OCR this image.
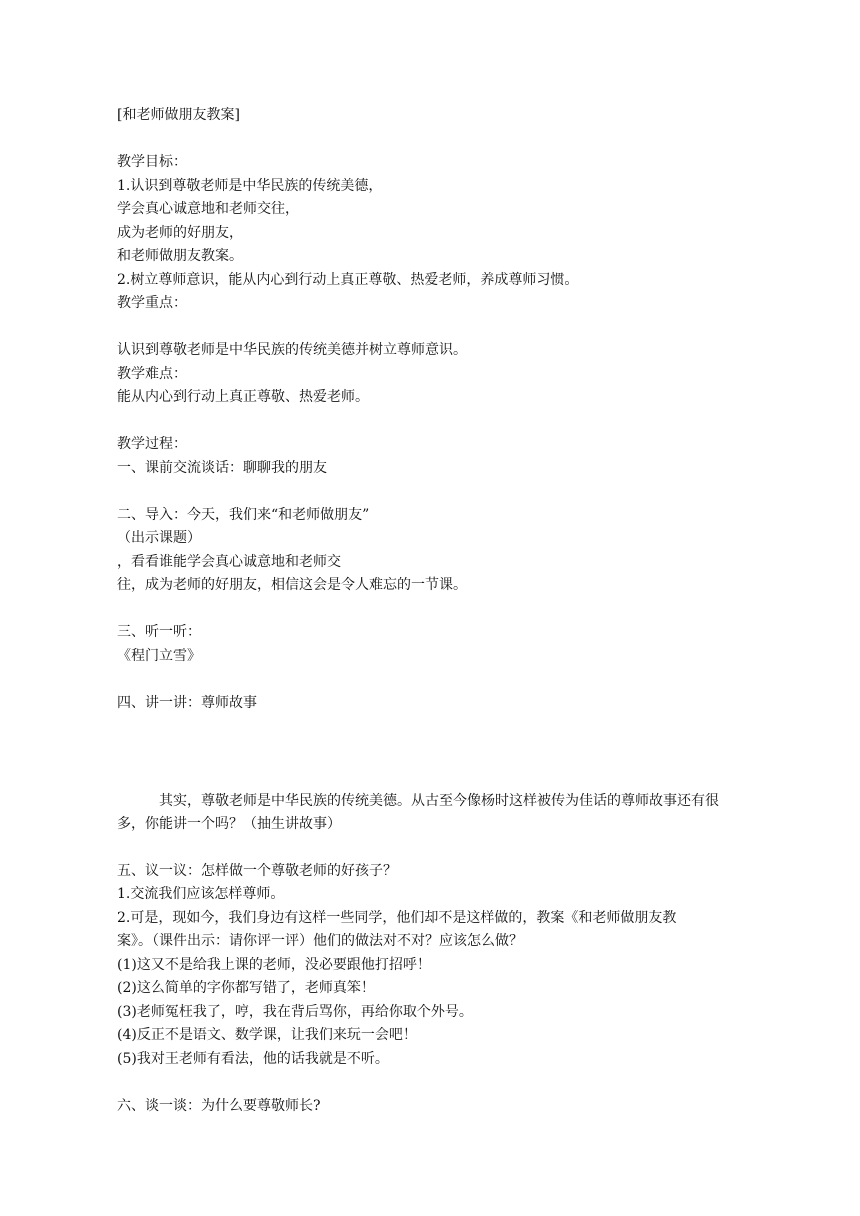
[和老师做朋友教案]
教学目标：
1.认识到尊敬老师是中华民族的传统美德，
学会真心诚意地和老师交往，
成为老师的好朋友，
和老师做朋友教案。
2.树立尊师意识，能从内心到行动上真正尊敬、热爱老师，养成尊师习惯。
教学重点：
认识到尊敬老师是中华民族的传统美德并树立尊师意识。
教学难点：
能从内心到行动上真正尊敬、热爱老师。
教学过程：
一、课前交流谈话：聊聊我的朋友
二、导入：今天，我们来“和老师做朋友”
（出示课题）
，看看谁能学会真心诚意地和老师交
往，成为老师的好朋友，相信这会是令人难忘的一节课。
三、听一听：
《程门立雪》
四、讲一讲：尊师故事
其实，尊敬老师是中华民族的传统美德。从古至今像杨时这样被传为佳话的尊师故事还有很
多，你能讲一个吗？（抽生讲故事）
五、议一议：怎样做一个尊敬老师的好孩子？
1.交流我们应该怎样尊师。
2.可是，现如今，我们身边有这样一些同学，他们却不是这样做的，教案《和老师做朋友教
案》。（课件出示：请你评一评）他们的做法对不对？应该怎么做？
(1)这又不是给我上课的老师，没必要跟他打招呼！
(2)这么简单的字你都写错了，老师真笨！
(3)老师冤枉我了，哼，我在背后骂你，再给你取个外号。
(4)反正不是语文、数学课，让我们来玩一会吧！
(5)我对王老师有看法，他的话我就是不听。
六、谈一谈：为什么要尊敬师长?
